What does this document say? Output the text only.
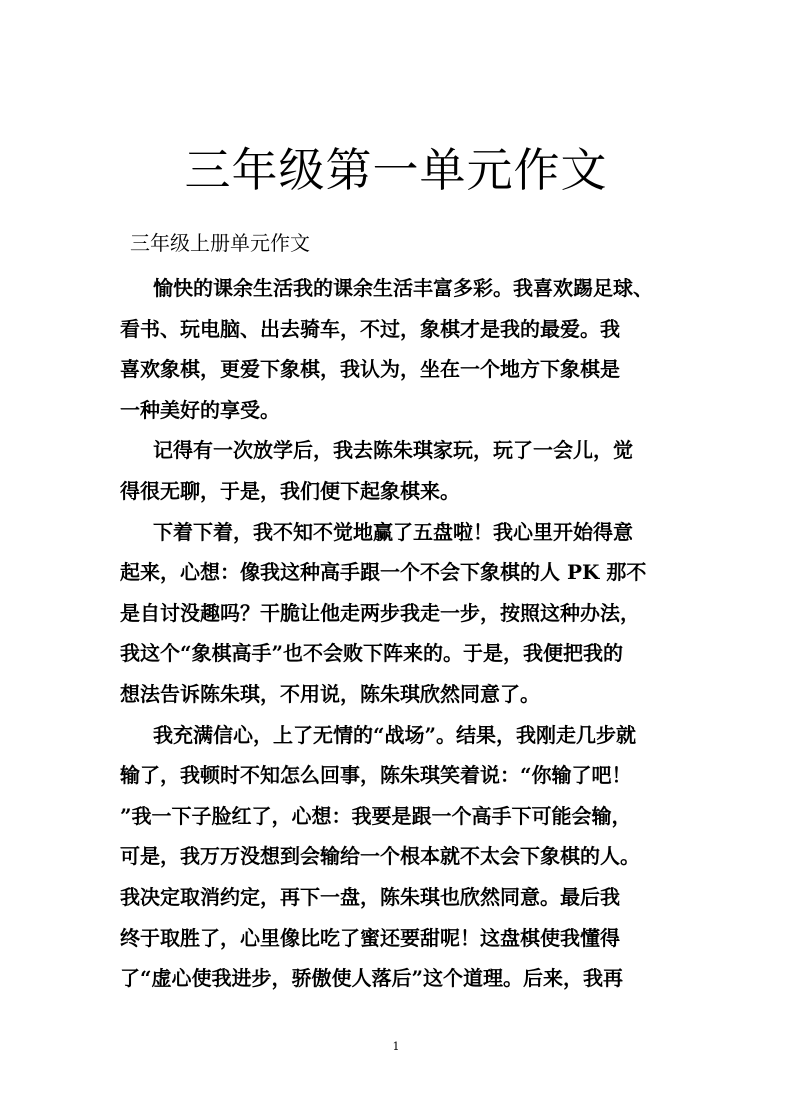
三年级第一单元作文
三年级上册单元作文
愉快的课余生活我的课余生活丰富多彩。我喜欢踢足球、
看书、玩电脑、出去骑车，不过，象棋才是我的最爱。我
喜欢象棋，更爱下象棋，我认为，坐在一个地方下象棋是
一种美好的享受。
记得有一次放学后，我去陈朱琪家玩，玩了一会儿，觉
得很无聊，于是，我们便下起象棋来。
下着下着，我不知不觉地赢了五盘啦！我心里开始得意
起来，心想：像我这种高手跟一个不会下象棋的人 PK 那不
是自讨没趣吗？干脆让他走两步我走一步，按照这种办法，
我这个“象棋高手”也不会败下阵来的。于是，我便把我的
想法告诉陈朱琪，不用说，陈朱琪欣然同意了。
我充满信心，上了无情的“战场”。结果，我刚走几步就
输了，我顿时不知怎么回事，陈朱琪笑着说：“你输了吧！
”我一下子脸红了，心想：我要是跟一个高手下可能会输，
可是，我万万没想到会输给一个根本就不太会下象棋的人。
我决定取消约定，再下一盘，陈朱琪也欣然同意。最后我
终于取胜了，心里像比吃了蜜还要甜呢！这盘棋使我懂得
了“虚心使我进步，骄傲使人落后”这个道理。后来，我再
1
